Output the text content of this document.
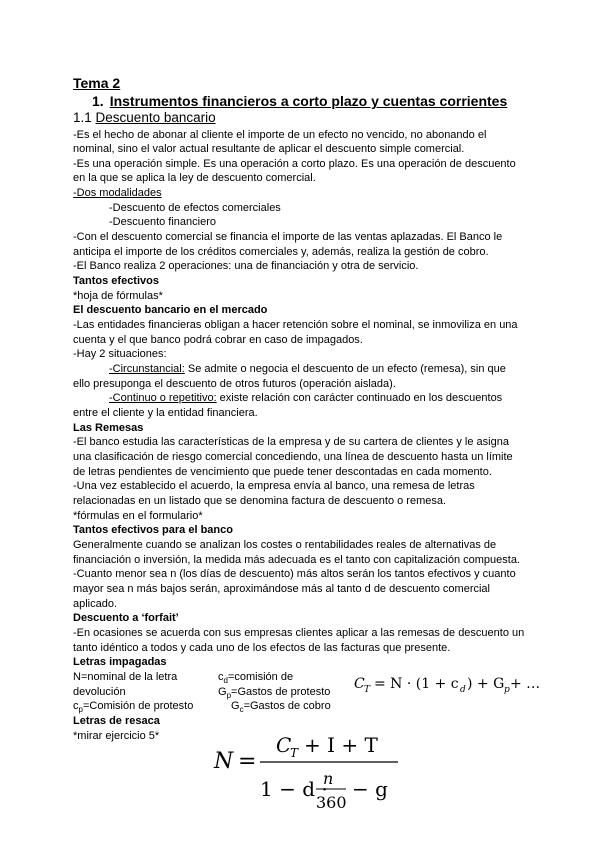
Tema 2
1. Instrumentos financieros a corto plazo y cuentas corrientes
1.1 Descuento bancario
-Es el hecho de abonar al cliente el importe de un efecto no vencido, no abonando el
nominal, sino el valor actual resultante de aplicar el descuento simple comercial.
-Es una operación simple. Es una operación a corto plazo. Es una operación de descuento
en la que se aplica la ley de descuento comercial.
-Dos modalidades
-Descuento de efectos comerciales
-Descuento financiero
-Con el descuento comercial se financia el importe de las ventas aplazadas. El Banco le
anticipa el importe de los créditos comerciales y, además, realiza la gestión de cobro.
-El Banco realiza 2 operaciones: una de financiación y otra de servicio.
Tantos efectivos
*hoja de fórmulas*
El descuento bancario en el mercado
-Las entidades financieras obligan a hacer retención sobre el nominal, se inmoviliza en una
cuenta y el que banco podrá cobrar en caso de impagados.
-Hay 2 situaciones:
-Circunstancial: Se admite o negocia el descuento de un efecto (remesa), sin que
ello presuponga el descuento de otros futuros (operación aislada).
-Continuo o repetitivo: existe relación con carácter continuado en los descuentos
entre el cliente y la entidad financiera.
Las Remesas
-El banco estudia las características de la empresa y de su cartera de clientes y le asigna
una clasificación de riesgo comercial concediendo, una línea de descuento hasta un límite
de letras pendientes de vencimiento que puede tener descontadas en cada momento.
-Una vez establecido el acuerdo, la empresa envía al banco, una remesa de letras
relacionadas en un listado que se denomina factura de descuento o remesa.
*fórmulas en el formulario*
Tantos efectivos para el banco
Generalmente cuando se analizan los costes o rentabilidades reales de alternativas de
financiación o inversión, la medida más adecuada es el tanto con capitalización compuesta.
-Cuanto menor sea n (los días de descuento) más altos serán los tantos efectivos y cuanto
mayor sea n más bajos serán, aproximándose más al tanto d de descuento comercial
aplicado.
Descuento a ‘forfait’
-En ocasiones se acuerda con sus empresas clientes aplicar a las remesas de descuento un
tanto idéntico a todos y cada uno de los efectos de las facturas que presente.
Letras impagadas
N=nominal de la letra
devolución
$c_p=Comisión$ de protesto
$c_d=comisión$ de
$G_p=Gastos$ de protesto
$G_c=Gastos$ de cobro
C T = N · (1 + c d ) + G p + …
Letras de resaca
*mirar ejercicio 5*
N =
C
T + I + T
1 − d ·
n
360
− g
